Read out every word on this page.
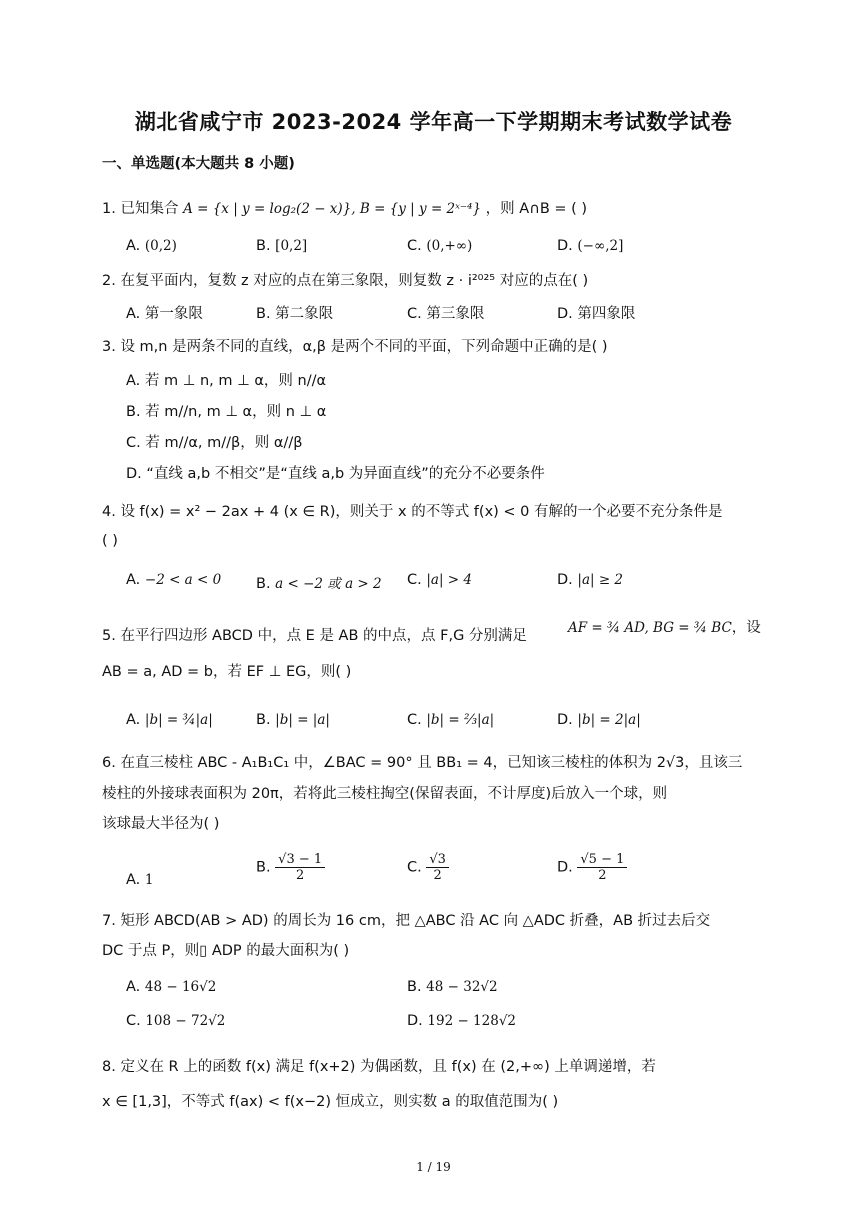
湖北省咸宁市 2023-2024 学年高一下学期期末考试数学试卷
一、单选题(本大题共 8 小题)
1. 已知集合 A = {x | y = log₂(2 − x)}, B = {y | y = 2ˣ⁻⁴} ，则 A∩B = ( )
A. (0,2)	B. [0,2]	C. (0,+∞)	D. (−∞,2]
2. 在复平面内，复数 z 对应的点在第三象限，则复数 z · i²⁰²⁵ 对应的点在( )
A. 第一象限	B. 第二象限	C. 第三象限	D. 第四象限
3. 设 m,n 是两条不同的直线，α,β 是两个不同的平面，下列命题中正确的是( )
A. 若 m ⊥ n, m ⊥ α，则 n//α
B. 若 m//n, m ⊥ α，则 n ⊥ α
C. 若 m//α, m//β，则 α//β
D. “直线 a,b 不相交”是“直线 a,b 为异面直线”的充分不必要条件
4. 设 f(x) = x² − 2ax + 4 (x ∈ R)，则关于 x 的不等式 f(x) < 0 有解的一个必要不充分条件是
( )
A. −2 < a < 0 B. a < −2 或 a > 2 C. |a| > 4	D. |a| ≥ 2
5. 在平行四边形 ABCD 中，点 E 是 AB 的中点，点 F,G 分别满足	AF = ¾ AD, BG = ¾ BC，设
AB = a, AD = b，若 EF ⊥ EG，则( )
A. |b| = ¾|a|	B. |b| = |a|	C. |b| = ⅔|a|	D. |b| = 2|a|
6. 在直三棱柱 ABC - A₁B₁C₁ 中，∠BAC = 90° 且 BB₁ = 4，已知该三棱柱的体积为 2√3，且该三
棱柱的外接球表面积为 20π，若将此三棱柱掏空(保留表面，不计厚度)后放入一个球，则
该球最大半径为( )
A. 1
B. $\frac{√3 - 1}{2}$	C. $\frac{√3}{2}$	D. $\frac{√5 - 1}{2}$
7. 矩形 ABCD(AB > AD) 的周长为 16 cm，把 △ABC 沿 AC 向 △ADC 折叠，AB 折过去后交
DC 于点 P，则▯ ADP 的最大面积为( )
A. 48 − 16√2	B. 48 − 32√2
C. 108 − 72√2	D. 192 − 128√2
8. 定义在 R 上的函数 f(x) 满足 f(x+2) 为偶函数，且 f(x) 在 (2,+∞) 上单调递增，若
x ∈ [1,3]，不等式 f(ax) < f(x−2) 恒成立，则实数 a 的取值范围为( )
1 / 19
